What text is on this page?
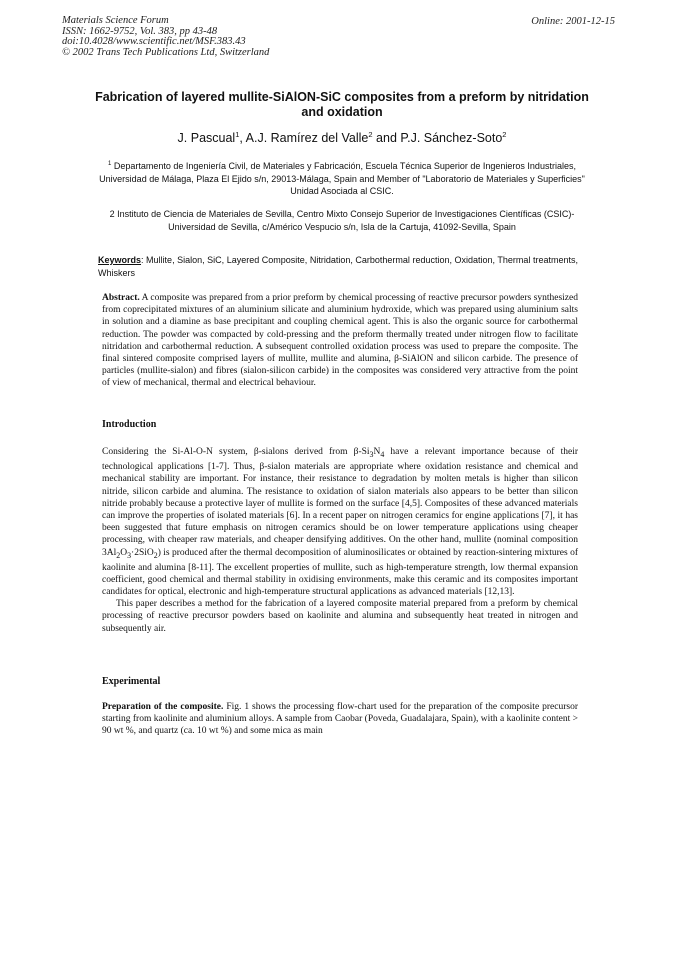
Materials Science Forum
ISSN: 1662-9752, Vol. 383, pp 43-48
doi:10.4028/www.scientific.net/MSF.383.43
© 2002 Trans Tech Publications Ltd, Switzerland
Online: 2001-12-15
Fabrication of layered mullite-SiAlON-SiC composites from a preform by nitridation and oxidation
J. Pascual$^1$, A.J. Ramírez del Valle$^2$ and P.J. Sánchez-Soto$^2$
$^1$ Departamento de Ingeniería Civil, de Materiales y Fabricación, Escuela Técnica Superior de Ingenieros Industriales, Universidad de Málaga, Plaza El Ejido s/n, 29013-Málaga, Spain and Member of "Laboratorio de Materiales y Superficies" Unidad Asociada al CSIC.
2 Instituto de Ciencia de Materiales de Sevilla, Centro Mixto Consejo Superior de Investigaciones Científicas (CSIC)-Universidad de Sevilla, c/Américo Vespucio s/n, Isla de la Cartuja, 41092-Sevilla, Spain
Keywords: Mullite, Sialon, SiC, Layered Composite, Nitridation, Carbothermal reduction, Oxidation, Thermal treatments, Whiskers

Abstract. A composite was prepared from a prior preform by chemical processing of reactive precursor powders synthesized from coprecipitated mixtures of an aluminium silicate and aluminium hydroxide, which was prepared using aluminium salts in solution and a diamine as base precipitant and coupling chemical agent. This is also the organic source for carbothermal reduction. The powder was compacted by cold-pressing and the preform thermally treated under nitrogen flow to facilitate nitridation and carbothermal reduction. A subsequent controlled oxidation process was used to prepare the composite. The final sintered composite comprised layers of mullite, mullite and alumina, β-SiAlON and silicon carbide. The presence of particles (mullite-sialon) and fibres (sialon-silicon carbide) in the composites was considered very attractive from the point of view of mechanical, thermal and electrical behaviour.

Introduction

Considering the Si-Al-O-N system, β-sialons derived from $\beta-Si_3N_4$ have a relevant importance because of their technological applications [1-7]. Thus, β-sialon materials are appropriate where oxidation resistance and chemical and mechanical stability are important. For instance, their resistance to degradation by molten metals is higher than silicon nitride, silicon carbide and alumina. The resistance to oxidation of sialon materials also appears to be better than silicon nitride probably because a protective layer of mullite is formed on the surface [4,5]. Composites of these advanced materials can improve the properties of isolated materials [6]. In a recent paper on nitrogen ceramics for engine applications [7], it has been suggested that future emphasis on nitrogen ceramics should be on lower temperature applications using cheaper processing, with cheaper raw materials, and cheaper densifying additives. On the other hand, mullite (nominal composition $3Al_2O_3\cdot 2SiO_2$) is produced after the thermal decomposition of aluminosilicates or obtained by reaction-sintering mixtures of kaolinite and alumina [8-11]. The excellent properties of mullite, such as high-temperature strength, low thermal expansion coefficient, good chemical and thermal stability in oxidising environments, make this ceramic and its composites important candidates for optical, electronic and high-temperature structural applications as advanced materials [12,13].

This paper describes a method for the fabrication of a layered composite material prepared from a preform by chemical processing of reactive precursor powders based on kaolinite and alumina and subsequently heat treated in nitrogen and subsequently air.

Experimental

Preparation of the composite. Fig. 1 shows the processing flow-chart used for the preparation of the composite precursor starting from kaolinite and aluminium alloys. A sample from Caobar (Poveda, Guadalajara, Spain), with a kaolinite content > 90 wt %, and quartz (ca. 10 wt %) and some mica as main
